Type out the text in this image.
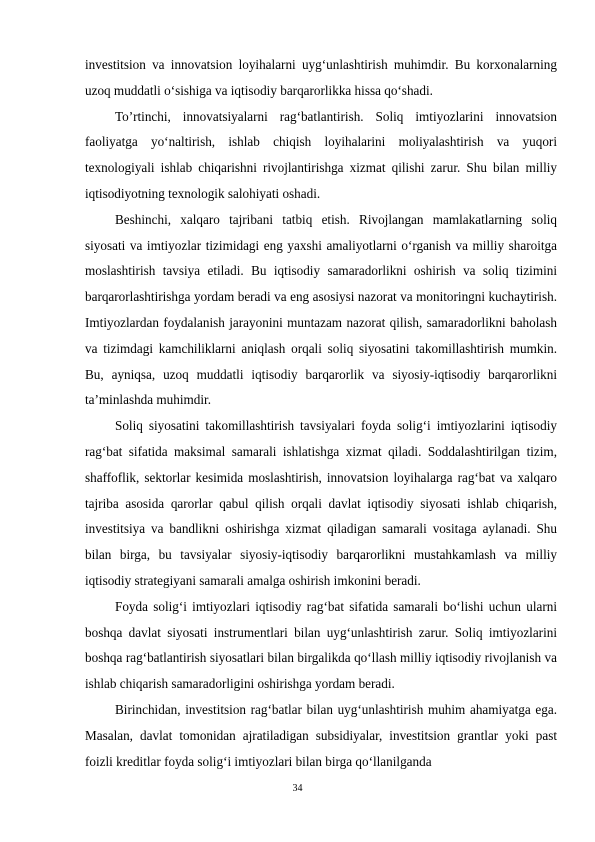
investitsion va innovatsion loyihalarni uyg‘unlashtirish muhimdir. Bu korxonalarning uzoq muddatli o‘sishiga va iqtisodiy barqarorlikka hissa qo‘shadi.

To’rtinchi, innovatsiyalarni rag‘batlantirish. Soliq imtiyozlarini innovatsion faoliyatga yo‘naltirish, ishlab chiqish loyihalarini moliyalashtirish va yuqori texnologiyali ishlab chiqarishni rivojlantirishga xizmat qilishi zarur. Shu bilan milliy iqtisodiyotning texnologik salohiyati oshadi.

Beshinchi, xalqaro tajribani tatbiq etish. Rivojlangan mamlakatlarning soliq siyosati va imtiyozlar tizimidagi eng yaxshi amaliyotlarni o‘rganish va milliy sharoitga moslashtirish tavsiya etiladi. Bu iqtisodiy samaradorlikni oshirish va soliq tizimini barqarorlashtirishga yordam beradi va eng asosiysi nazorat va monitoringni kuchaytirish. Imtiyozlardan foydalanish jarayonini muntazam nazorat qilish, samaradorlikni baholash va tizimdagi kamchiliklarni aniqlash orqali soliq siyosatini takomillashtirish mumkin. Bu, ayniqsa, uzoq muddatli iqtisodiy barqarorlik va siyosiy-iqtisodiy barqarorlikni ta’minlashda muhimdir.

Soliq siyosatini takomillashtirish tavsiyalari foyda solig‘i imtiyozlarini iqtisodiy rag‘bat sifatida maksimal samarali ishlatishga xizmat qiladi. Soddalashtirilgan tizim, shaffoflik, sektorlar kesimida moslashtirish, innovatsion loyihalarga rag‘bat va xalqaro tajriba asosida qarorlar qabul qilish orqali davlat iqtisodiy siyosati ishlab chiqarish, investitsiya va bandlikni oshirishga xizmat qiladigan samarali vositaga aylanadi. Shu bilan birga, bu tavsiyalar siyosiy-iqtisodiy barqarorlikni mustahkamlash va milliy iqtisodiy strategiyani samarali amalga oshirish imkonini beradi.

Foyda solig‘i imtiyozlari iqtisodiy rag‘bat sifatida samarali bo‘lishi uchun ularni boshqa davlat siyosati instrumentlari bilan uyg‘unlashtirish zarur. Soliq imtiyozlarini boshqa rag‘batlantirish siyosatlari bilan birgalikda qo‘llash milliy iqtisodiy rivojlanish va ishlab chiqarish samaradorligini oshirishga yordam beradi.

Birinchidan, investitsion rag‘batlar bilan uyg‘unlashtirish muhim ahamiyatga ega. Masalan, davlat tomonidan ajratiladigan subsidiyalar, investitsion grantlar yoki past foizli kreditlar foyda solig‘i imtiyozlari bilan birga qo‘llanilganda

34
